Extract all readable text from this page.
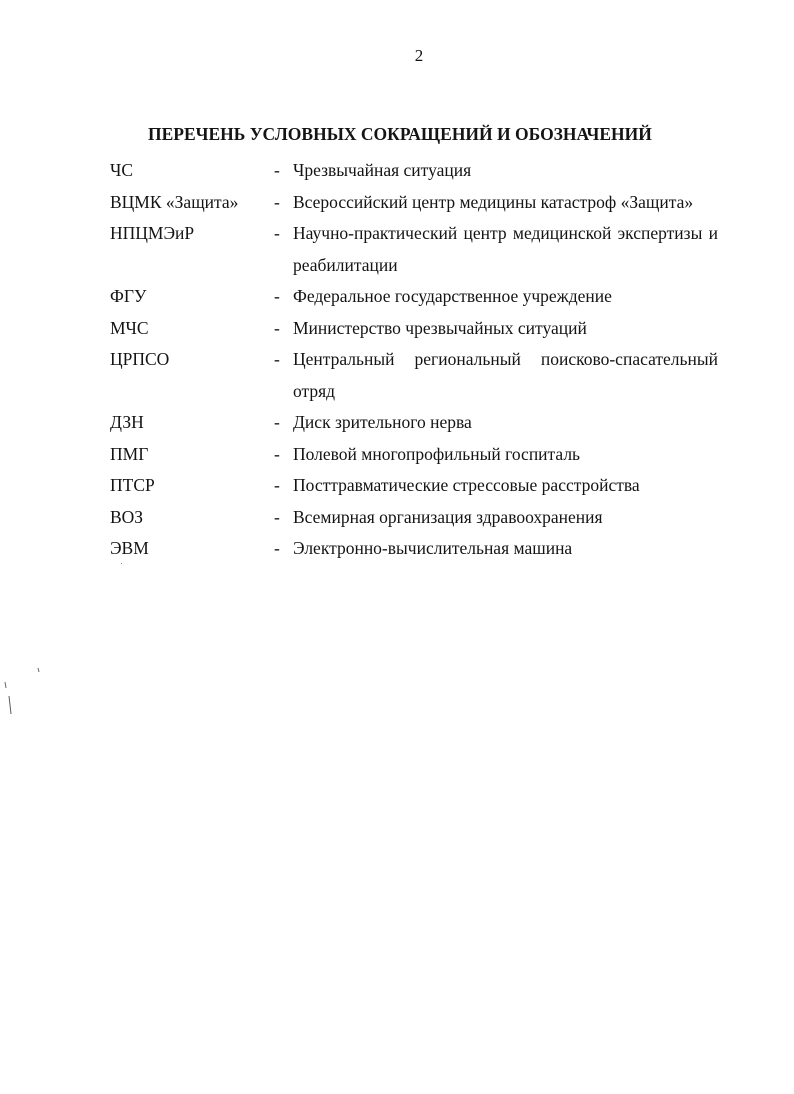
2
ПЕРЕЧЕНЬ УСЛОВНЫХ СОКРАЩЕНИЙ И ОБОЗНАЧЕНИЙ
ЧС	- Чрезвычайная ситуация
ВЦМК «Защита»	- Всероссийский центр медицины катастроф «Защита»
НПЦМЭиР	- Научно-практический центр медицинской экспертизы и реабилитации
ФГУ	- Федеральное государственное учреждение
МЧС	- Министерство чрезвычайных ситуаций
ЦРПСО	- Центральный региональный поисково-спасательный отряд
ДЗН	- Диск зрительного нерва
ПМГ	- Полевой многопрофильный госпиталь
ПТСР	- Посттравматические стрессовые расстройства
ВОЗ	- Всемирная организация здравоохранения
ЭВМ	- Электронно-вычислительная машина
